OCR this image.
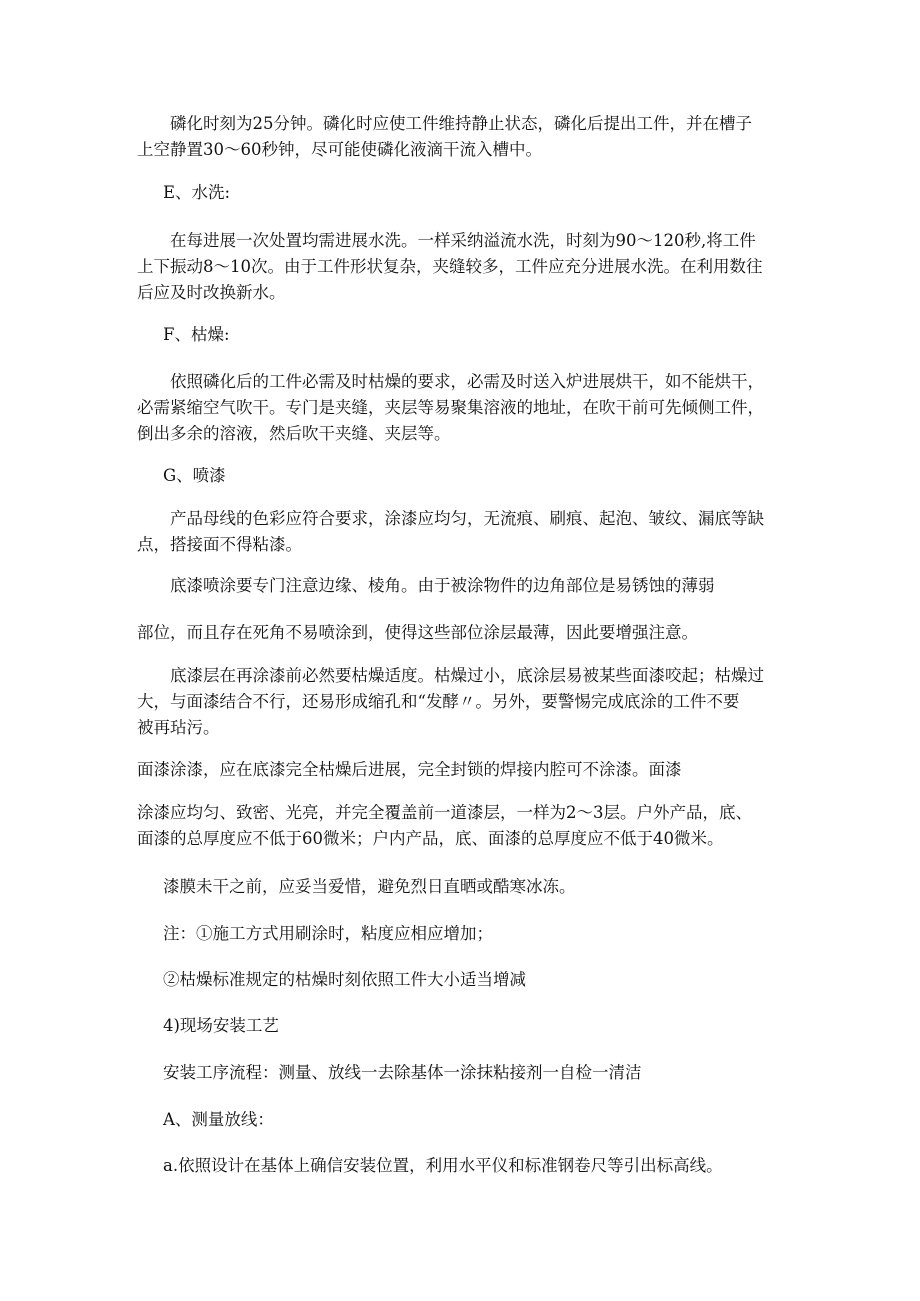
磷化时刻为25分钟。磷化时应使工件维持静止状态，磷化后提出工件，并在槽子
上空静置30～60秒钟，尽可能使磷化液滴干流入槽中。
E、水洗:
在每进展一次处置均需进展水洗。一样采纳溢流水洗，时刻为90～120秒,将工件
上下振动8～10次。由于工件形状复杂，夹缝较多，工件应充分进展水洗。在利用数往
后应及时改换新水。
F、枯燥:
依照磷化后的工件必需及时枯燥的要求，必需及时送入炉进展烘干，如不能烘干，
必需紧缩空气吹干。专门是夹缝，夹层等易聚集溶液的地址，在吹干前可先倾侧工件，
倒出多余的溶液，然后吹干夹缝、夹层等。
G、喷漆
产品母线的色彩应符合要求，涂漆应均匀，无流痕、刷痕、起泡、皱纹、漏底等缺
点，搭接面不得粘漆。
底漆喷涂要专门注意边缘、棱角。由于被涂物件的边角部位是易锈蚀的薄弱
部位，而且存在死角不易喷涂到，使得这些部位涂层最薄，因此要增强注意。
底漆层在再涂漆前必然要枯燥适度。枯燥过小，底涂层易被某些面漆咬起；枯燥过
大，与面漆结合不行，还易形成缩孔和“发酵〃。另外，要警惕完成底涂的工件不要
被再玷污。
面漆涂漆，应在底漆完全枯燥后进展，完全封锁的焊接内腔可不涂漆。面漆
涂漆应均匀、致密、光亮，并完全覆盖前一道漆层，一样为2～3层。户外产品，底、
面漆的总厚度应不低于60微米；户内产品，底、面漆的总厚度应不低于40微米。
漆膜未干之前，应妥当爱惜，避免烈日直晒或酷寒冰冻。
注：①施工方式用刷涂时，粘度应相应增加；
②枯燥标准规定的枯燥时刻依照工件大小适当增减
4)现场安装工艺
安装工序流程：测量、放线一去除基体一涂抹粘接剂一自检一清洁
A、测量放线：
a.依照设计在基体上确信安装位置，利用水平仪和标准钢卷尺等引出标高线。
